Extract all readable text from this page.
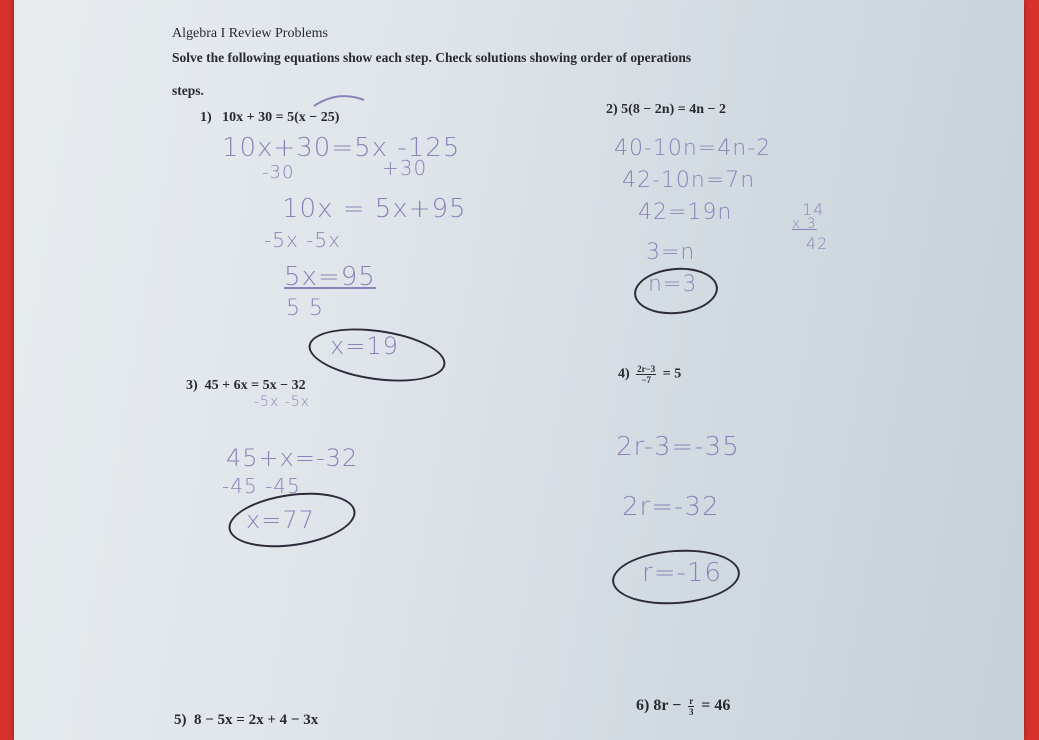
Algebra I Review Problems
Solve the following equations show each step. Check solutions showing order of operations
steps.
1) 10x + 30 = 5(x − 25)
2) 5(8 − 2n) = 4n − 2
3) 45 + 6x = 5x − 32
$4) \frac{2r-3}{-7} = 5$
5) 8 − 5x = 2x + 4 − 3x
6) $8r - \frac{r}{3} = 46$
10x+30=5x -125
+30
-30
10x = 5x+95
-5x -5x
5x=95
5 5
x=19
40-10n=4n-2
42-10n=7n
42=19n
3=n
n=3
14
x 3
42
-5x -5x
45+x=-32
-45 -45
x=77
2r-3=-35
2r=-32
r=-16
